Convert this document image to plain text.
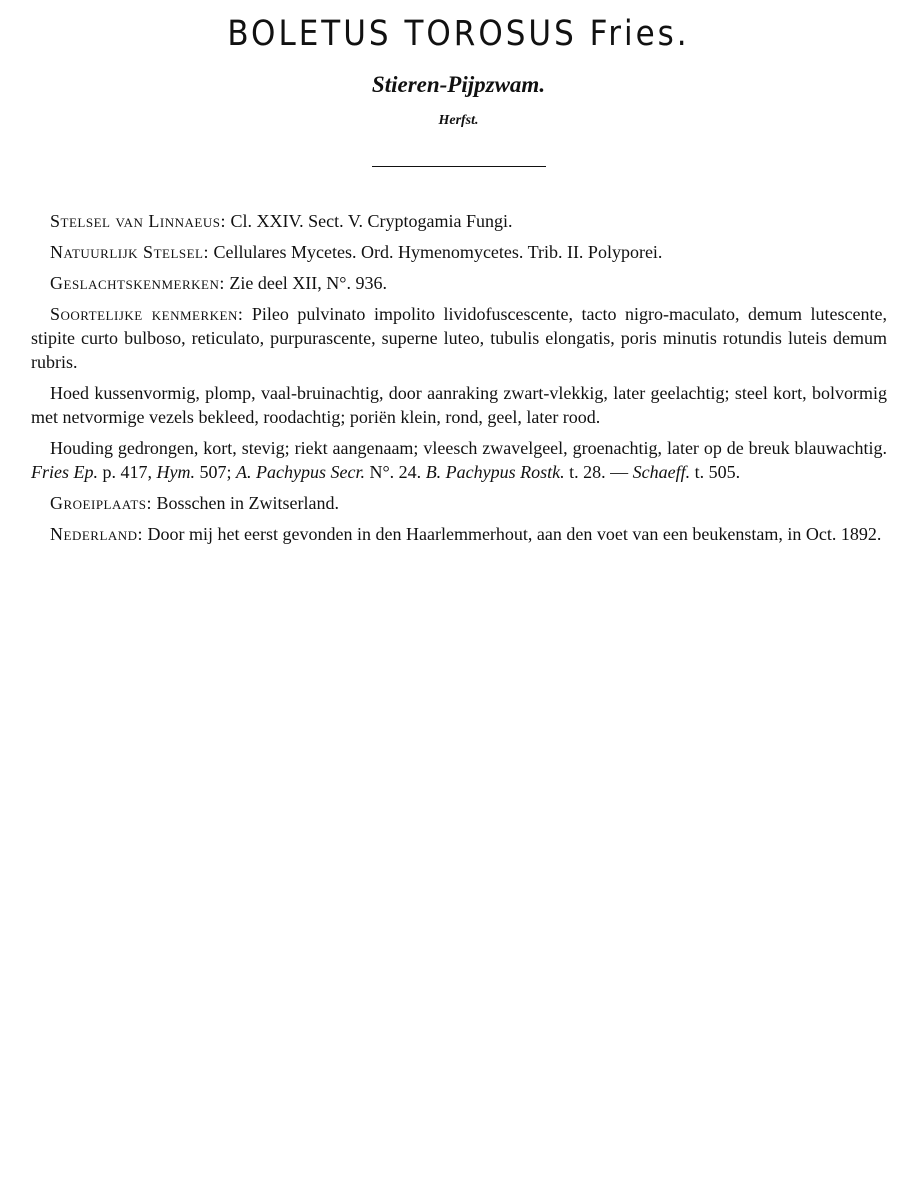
BOLETUS TOROSUS Fries.
Stieren-Pijpzwam.
Herfst.

Stelsel van Linnaeus: Cl. XXIV. Sect. V. Cryptogamia Fungi.

Natuurlijk Stelsel: Cellulares Mycetes. Ord. Hymenomycetes. Trib. II. Polyporei.

Geslachtskenmerken: Zie deel XII, N°. 936.

Soortelijke kenmerken: Pileo pulvinato impolito lividofuscescente, tacto nigro-maculato, demum lutescente, stipite curto bulboso, reticulato, purpurascente, superne luteo, tubulis elongatis, poris minutis rotundis luteis demum rubris.

Hoed kussenvormig, plomp, vaal-bruinachtig, door aanraking zwart-vlekkig, later geelachtig; steel kort, bolvormig met netvormige vezels bekleed, roodachtig; poriën klein, rond, geel, later rood.

Houding gedrongen, kort, stevig; riekt aangenaam; vleesch zwavelgeel, groenachtig, later op de breuk blauwachtig. Fries Ep. p. 417, Hym. 507; A. Pachypus Secr. N°. 24. B. Pachypus Rostk. t. 28. — Schaeff. t. 505.

Groeiplaats: Bosschen in Zwitserland.

Nederland: Door mij het eerst gevonden in den Haarlemmerhout, aan den voet van een beukenstam, in Oct. 1892.
